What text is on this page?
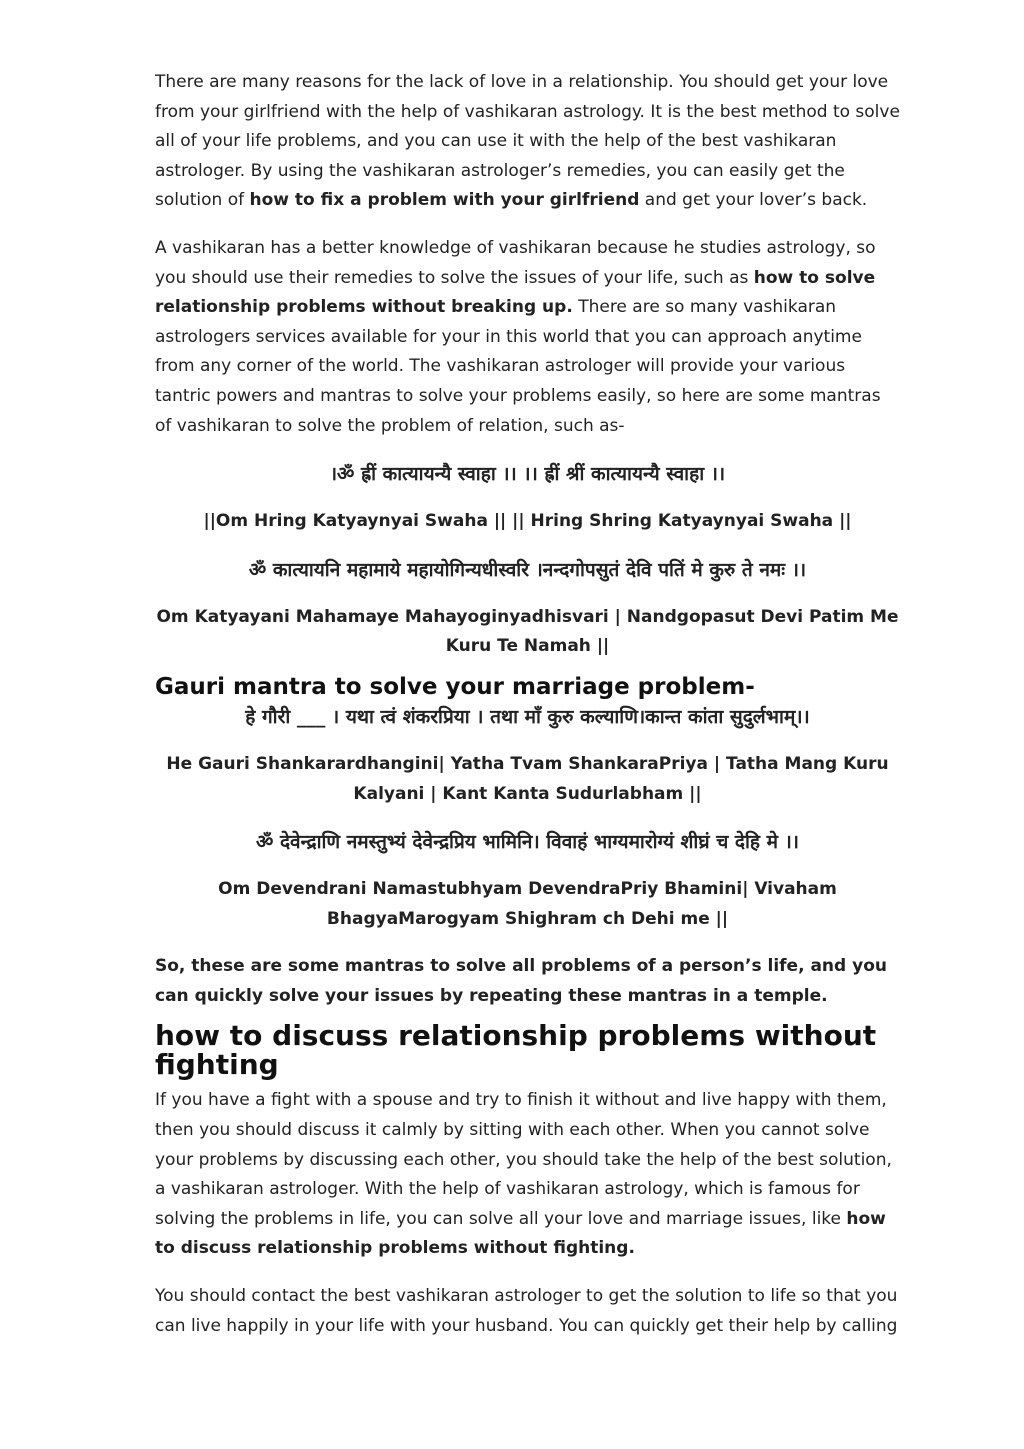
There are many reasons for the lack of love in a relationship. You should get your love from your girlfriend with the help of vashikaran astrology. It is the best method to solve all of your life problems, and you can use it with the help of the best vashikaran astrologer. By using the vashikaran astrologer’s remedies, you can easily get the solution of how to fix a problem with your girlfriend and get your lover’s back.

A vashikaran has a better knowledge of vashikaran because he studies astrology, so you should use their remedies to solve the issues of your life, such as how to solve relationship problems without breaking up. There are so many vashikaran astrologers services available for your in this world that you can approach anytime from any corner of the world. The vashikaran astrologer will provide your various tantric powers and mantras to solve your problems easily, so here are some mantras of vashikaran to solve the problem of relation, such as-

।ॐ ह्रीं कात्यायन्यै स्वाहा ।। ।। ह्रीं श्रीं कात्यायन्यै स्वाहा ।।

||Om Hring Katyaynyai Swaha || || Hring Shring Katyaynyai Swaha ||

ॐ कात्यायनि महामाये महायोगिन्यधीस्वरि ।नन्दगोपसुतं देवि पतिं मे कुरु ते नमः ।।

Om Katyayani Mahamaye Mahayoginyadhisvari | Nandgopasut Devi Patim Me Kuru Te Namah ||

Gauri mantra to solve your marriage problem-

हे गौरी ___ । यथा त्वं शंकरप्रिया । तथा माँ कुरु कल्याणि।कान्त कांता सुदुर्लभाम्।।

He Gauri Shankarardhangini| Yatha Tvam ShankaraPriya | Tatha Mang Kuru Kalyani | Kant Kanta Sudurlabham ||

ॐ देवेन्द्राणि नमस्तुभ्यं देवेन्द्रप्रिय भामिनि। विवाहं भाग्यमारोग्यं शीघ्रं च देहि मे ।।

Om Devendrani Namastubhyam DevendraPriy Bhamini| Vivaham BhagyaMarogyam Shighram ch Dehi me ||

So, these are some mantras to solve all problems of a person’s life, and you can quickly solve your issues by repeating these mantras in a temple.

how to discuss relationship problems without fighting

If you have a fight with a spouse and try to finish it without and live happy with them, then you should discuss it calmly by sitting with each other. When you cannot solve your problems by discussing each other, you should take the help of the best solution, a vashikaran astrologer. With the help of vashikaran astrology, which is famous for solving the problems in life, you can solve all your love and marriage issues, like how to discuss relationship problems without fighting.

You should contact the best vashikaran astrologer to get the solution to life so that you can live happily in your life with your husband. You can quickly get their help by calling
